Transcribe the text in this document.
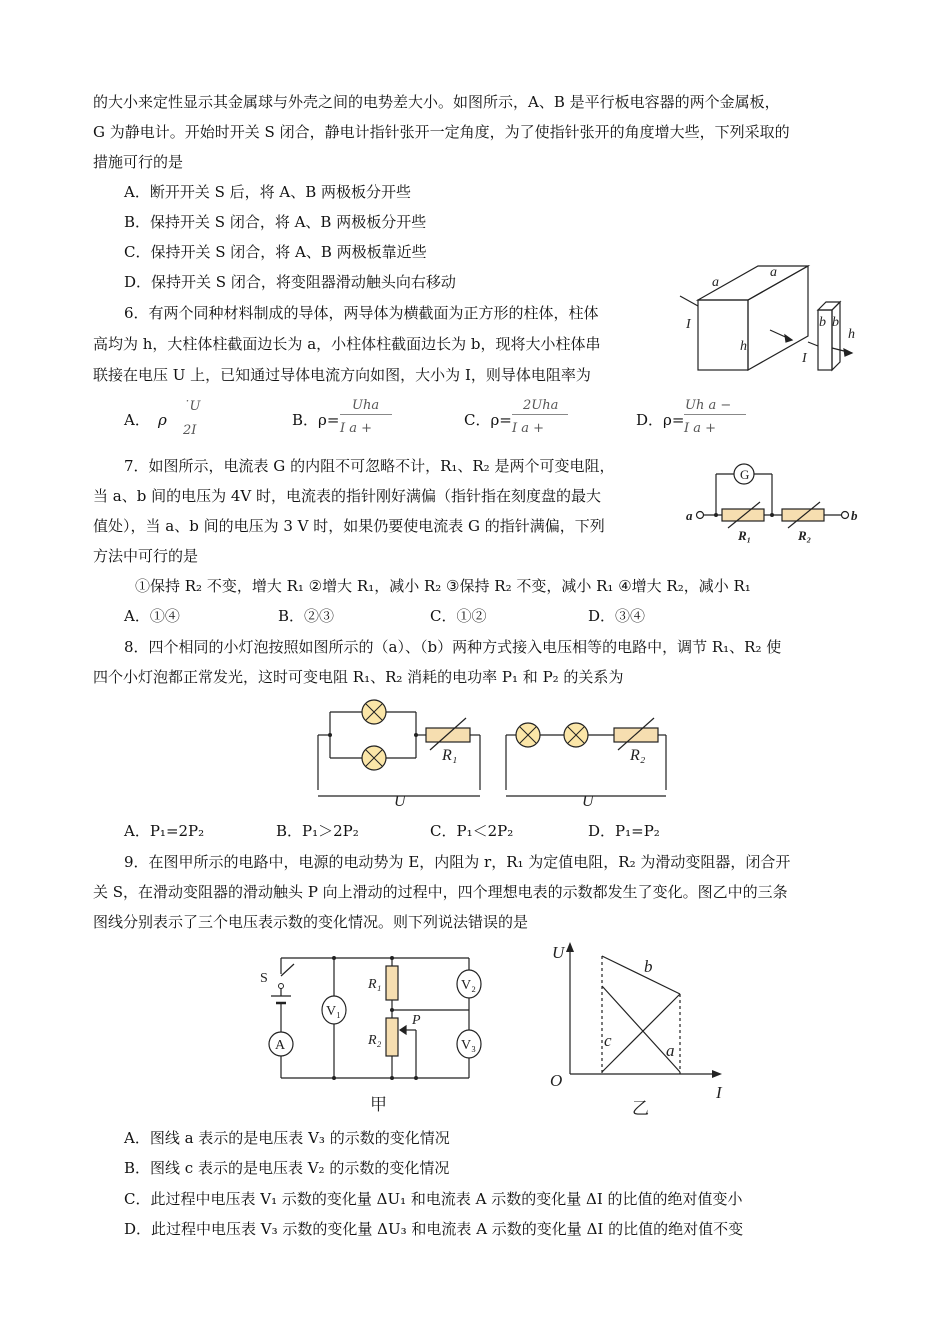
的大小来定性显示其金属球与外壳之间的电势差大小。如图所示，A、B 是平行板电容器的两个金属板，
G 为静电计。开始时开关 S 闭合，静电计指针张开一定角度，为了使指针张开的角度增大些，下列采取的
措施可行的是
A．断开开关 S 后，将 A、B 两极板分开些
B．保持开关 S 闭合，将 A、B 两极板分开些
C．保持开关 S 闭合，将 A、B 两极板靠近些
D．保持开关 S 闭合，将变阻器滑动触头向右移动
6．有两个同种材料制成的导体，两导体为横截面为正方形的柱体，柱体
高均为 h，大柱体柱截面边长为 a，小柱体柱截面边长为 b，现将大小柱体串
联接在电压 U 上，已知通过导体电流方向如图，大小为 I，则导体电阻率为
A． ρ
˙U
2I
B．ρ=
Uha
I a +	C．ρ=
2Uha
I a +	D．ρ=
Uh a −
I a +
a
a
h
I
I
b b
h
7．如图所示，电流表 G 的内阻不可忽略不计，R₁、R₂ 是两个可变电阻，
当 a、b 间的电压为 4V 时，电流表的指针刚好满偏（指针指在刻度盘的最大
值处），当 a、b 间的电压为 3 V 时，如果仍要使电流表 G 的指针满偏，下列
方法中可行的是
①保持 R₂ 不变，增大 R₁ ②增大 R₁，减小 R₂ ③保持 R₂ 不变，减小 R₁ ④增大 R₂，减小 R₁
A．①④	B．②③	C．①②	D．③④
G
a	b
R₁	R₂
8．四个相同的小灯泡按照如图所示的（a）、（b）两种方式接入电压相等的电路中，调节 R₁、R₂ 使
四个小灯泡都正常发光，这时可变电阻 R₁、R₂ 消耗的电功率 P₁ 和 P₂ 的关系为
R₁	R₂
U	U
A．P₁=2P₂	B．P₁＞2P₂	C．P₁＜2P₂	D．P₁=P₂
9．在图甲所示的电路中，电源的电动势为 E，内阻为 r，R₁ 为定值电阻，R₂ 为滑动变阻器，闭合开
关 S，在滑动变阻器的滑动触头 P 向上滑动的过程中，四个理想电表的示数都发生了变化。图乙中的三条
图线分别表示了三个电压表示数的变化情况。则下列说法错误的是
S
A
V₁
V₂
V₃
R₁
R₂
P
甲
U
I
O
b
c
a
乙
A．图线 a 表示的是电压表 V₃ 的示数的变化情况
B．图线 c 表示的是电压表 V₂ 的示数的变化情况
C．此过程中电压表 V₁ 示数的变化量 ΔU₁ 和电流表 A 示数的变化量 ΔI 的比值的绝对值变小
D．此过程中电压表 V₃ 示数的变化量 ΔU₃ 和电流表 A 示数的变化量 ΔI 的比值的绝对值不变
